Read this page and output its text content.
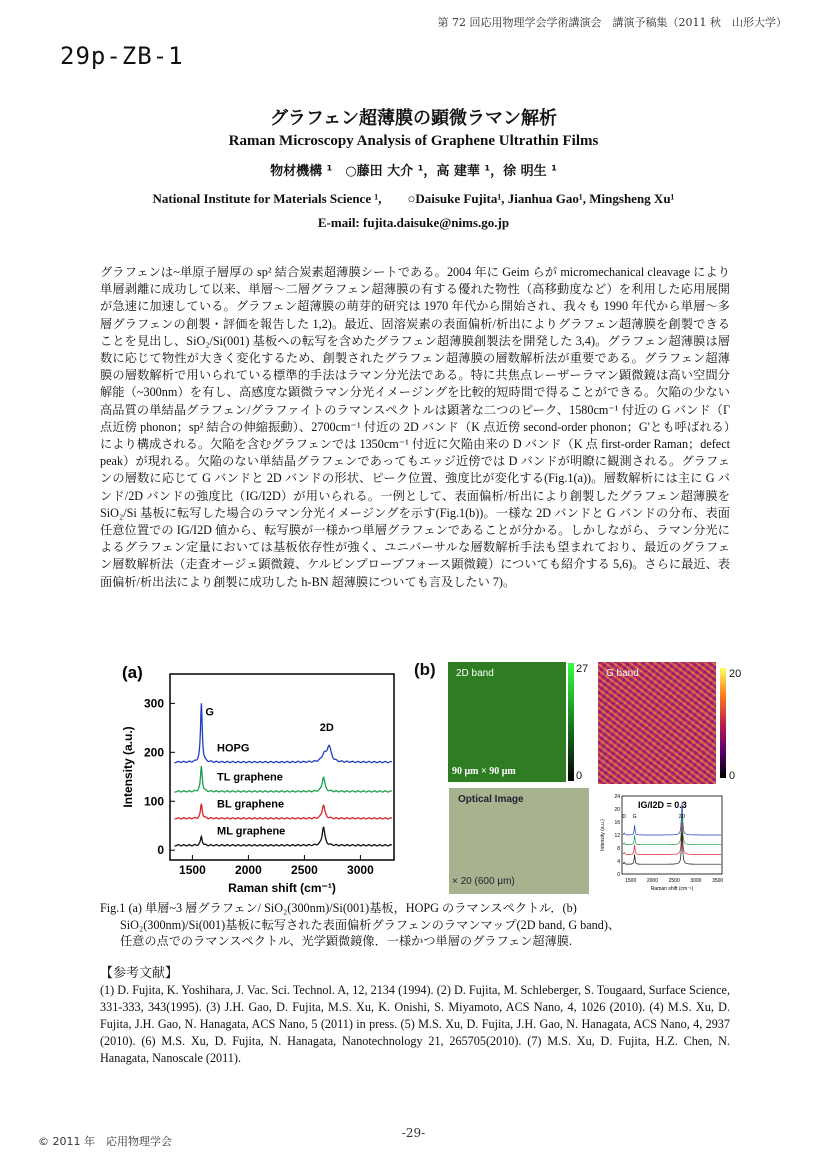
第 72 回応用物理学会学術講演会　講演予稿集（2011 秋　山形大学）
29p-ZB-1
グラフェン超薄膜の顕微ラマン解析
Raman Microscopy Analysis of Graphene Ultrathin Films
物材機構 ¹　○藤田 大介 ¹，高 建華 ¹，徐 明生 ¹
National Institute for Materials Science ¹,　　○Daisuke Fujita¹, Jianhua Gao¹, Mingsheng Xu¹
E-mail: fujita.daisuke@nims.go.jp

グラフェンは~単原子層厚の sp² 結合炭素超薄膜シートである。2004 年に Geim らが micromechanical cleavage により単層剥離に成功して以来、単層～二層グラフェン超薄膜の有する優れた物性（高移動度など）を利用した応用展開が急速に加速している。グラフェン超薄膜の萌芽的研究は 1970 年代から開始され、我々も 1990 年代から単層～多層グラフェンの創製・評価を報告した 1,2)。最近、固溶炭素の表面偏析/析出によりグラフェン超薄膜を創製できることを見出し、SiO₂/Si(001) 基板への転写を含めたグラフェン超薄膜創製法を開発した 3,4)。グラフェン超薄膜は層数に応じて物性が大きく変化するため、創製されたグラフェン超薄膜の層数解析法が重要である。グラフェン超薄膜の層数解析で用いられている標準的手法はラマン分光法である。特に共焦点レーザーラマン顕微鏡は高い空間分解能（~300nm）を有し、高感度な顕微ラマン分光イメージングを比較的短時間で得ることができる。欠陥の少ない高品質の単結晶グラフェン/グラファイトのラマンスペクトルは顕著な二つのピーク、1580cm⁻¹ 付近の G バンド（Γ点近傍 phonon；sp² 結合の伸縮振動）、2700cm⁻¹ 付近の 2D バンド（K 点近傍 second-order phonon；G'とも呼ばれる）により構成される。欠陥を含むグラフェンでは 1350cm⁻¹ 付近に欠陥由来の D バンド（K 点 first-order Raman；defect peak）が現れる。欠陥のない単結晶グラフェンであってもエッジ近傍では D バンドが明瞭に観測される。グラフェンの層数に応じて G バンドと 2D バンドの形状、ピーク位置、強度比が変化する(Fig.1(a))。層数解析には主に G バンド/2D バンドの強度比（IG/I2D）が用いられる。一例として、表面偏析/析出により創製したグラフェン超薄膜を SiO₂/Si 基板に転写した場合のラマン分光イメージングを示す(Fig.1(b))。一様な 2D バンドと G バンドの分布、表面任意位置での IG/I2D 値から、転写膜が一様かつ単層グラフェンであることが分かる。しかしながら、ラマン分光によるグラフェン定量においては基板依存性が強く、ユニバーサルな層数解析手法も望まれており、最近のグラフェン層数解析法（走査オージェ顕微鏡、ケルビンプローブフォース顕微鏡）についても紹介する 5,6)。さらに最近、表面偏析/析出法により創製に成功した h-BN 超薄膜についても言及したい 7)。

(a)
1500 2000 2500 3000
0
100
200
300
Raman shift (cm⁻¹)
Intensity (a.u.)	HOPG
TL graphene
BL graphene
ML graphene
G
2D
(b) 2D band
90 μm × 90 μm
27
0
G band	20
0
Optical Image
× 20 (600 μm)	1500 2000 2500 3000 3500
0
4
8
12
16
20
24
Raman shift (cm⁻¹)
Intensity (a.u.)
IG/I2D = 0.3
D G	2D
Fig.1 (a) 単層~3 層グラフェン/ SiO₂(300nm)/Si(001)基板，HOPG のラマンスペクトル．(b)
SiO₂(300nm)/Si(001)基板に転写された表面偏析グラフェンのラマンマップ(2D band, G band)、
任意の点でのラマンスペクトル、光学顕微鏡像．一様かつ単層のグラフェン超薄膜.
【参考文献】
(1) D. Fujita, K. Yoshihara, J. Vac. Sci. Technol. A, 12, 2134 (1994). (2) D. Fujita, M. Schleberger, S. Tougaard, Surface Science, 331-333, 343(1995). (3) J.H. Gao, D. Fujita, M.S. Xu, K. Onishi, S. Miyamoto, ACS Nano, 4, 1026 (2010). (4) M.S. Xu, D. Fujita, J.H. Gao, N. Hanagata, ACS Nano, 5 (2011) in press. (5) M.S. Xu, D. Fujita, J.H. Gao, N. Hanagata, ACS Nano, 4, 2937 (2010). (6) M.S. Xu, D. Fujita, N. Hanagata, Nanotechnology 21, 265705(2010). (7) M.S. Xu, D. Fujita, H.Z. Chen, N. Hanagata, Nanoscale (2011).
© 2011 年　応用物理学会
-29-
